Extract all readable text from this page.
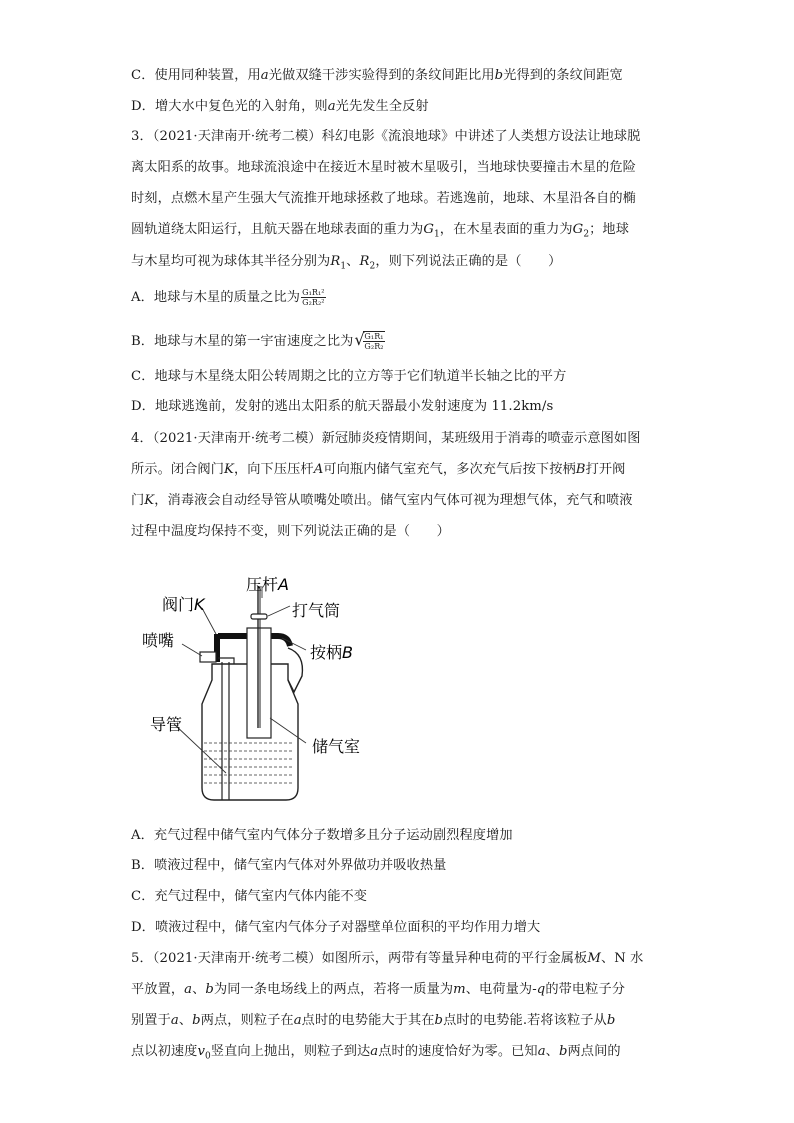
C．使用同种装置，用a光做双缝干涉实验得到的条纹间距比用b光得到的条纹间距宽
D．增大水中复色光的入射角，则a光先发生全反射
3．（2021·天津南开·统考二模）科幻电影《流浪地球》中讲述了人类想方设法让地球脱
离太阳系的故事。地球流浪途中在接近木星时被木星吸引，当地球快要撞击木星的危险
时刻，点燃木星产生强大气流推开地球拯救了地球。若逃逸前，地球、木星沿各自的椭
圆轨道绕太阳运行，且航天器在地球表面的重力为$G_1$，在木星表面的重力为$G_2$；地球
与木星均可视为球体其半径分别为$R_1$、$R_2$，则下列说法正确的是（　　）
A．地球与木星的质量之比为 $\frac{\text{G₁R₁²}}{\text{G₂R₂²}}$
B．地球与木星的第一宇宙速度之比为 √
$\frac{\text{G₁R₁}}{\text{G₂R₂}}$
C．地球与木星绕太阳公转周期之比的立方等于它们轨道半长轴之比的平方
D．地球逃逸前，发射的逃出太阳系的航天器最小发射速度为 11.2km/s
4．（2021·天津南开·统考二模）新冠肺炎疫情期间，某班级用于消毒的喷壶示意图如图
所示。闭合阀门K，向下压压杆A可向瓶内储气室充气，多次充气后按下按柄B打开阀
门K，消毒液会自动经导管从喷嘴处喷出。储气室内气体可视为理想气体，充气和喷液
过程中温度均保持不变，则下列说法正确的是（　　）
压杆A
阀门K	打气筒
喷嘴
按柄B
导管
储气室
A．充气过程中储气室内气体分子数增多且分子运动剧烈程度增加
B．喷液过程中，储气室内气体对外界做功并吸收热量
C．充气过程中，储气室内气体内能不变
D．喷液过程中，储气室内气体分子对器壁单位面积的平均作用力增大
5．（2021·天津南开·统考二模）如图所示，两带有等量异种电荷的平行金属板M、N 水
平放置，a、b为同一条电场线上的两点，若将一质量为m、电荷量为-q的带电粒子分
别置于a、b两点，则粒子在a点时的电势能大于其在b点时的电势能.若将该粒子从b
点以初速度$v_0$竖直向上抛出，则粒子到达a点时的速度恰好为零。已知a、b两点间的
